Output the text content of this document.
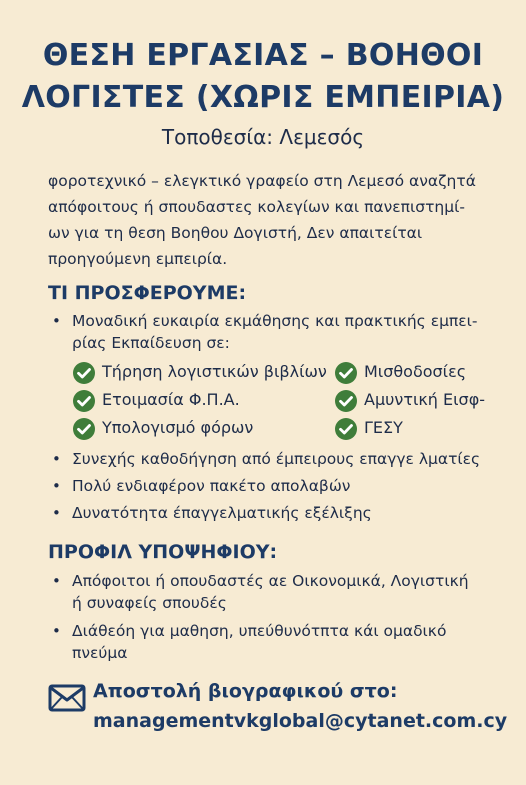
ΘΕΣΗ ΕΡΓΑΣΙΑΣ – ΒΟΗΘΟΙ
ΛΟΓΙΣΤΕΣ (ΧΩΡΙΣ ΕΜΠΕΙΡΙΑ)
Τοποθεσία: Λεμεσός
φοροτεχνικό – ελεγκτικό γραφείο στη Λεμεσό αναζητά
απόφοιτους ή σπουδαστες κολεγίων και πανεπιστημί-
ων για τη θεση Βοηθου Δογιστή, Δεν απαιτείται
προηγούμενη εμπειρία.
ΤΙ ΠΡΟΣΦΕΡΟΥΜΕ:
• Μοναδική ευκαιρία εκμάθησης και πρακτικής εμπει-
ρίας Εκπαίδευση σε:
Τήρηση λογιστικών βιβλίων Μισθοδοσίες
Ετοιμασία Φ.Π.Α.	Αμυντική Εισφ-
Υπολογισμό φόρων	ΓΕΣΥ
• Συνεχής καθοδήγηση από έμπειρους επαγγε λματίες
• Πολύ ενδιαφέρον πακέτο απολαβών
• Δυνατότητα έπαγγελματικής εξέλιξης
ΠΡΟΦΙΛ ΥΠΟΨΗΦΙΟΥ:
• Απόφοιτοι ή οπουδαστές αε Οικονομικά, Λογιστική
ή συναφείς σπουδές
• Διάθεόη για μαθηση, υπεύθυνότπτα κάι ομαδικό
πνεύμα
Αποστολή βιογραφικού στο:
managementvkglobal@cytanet.com.cy
